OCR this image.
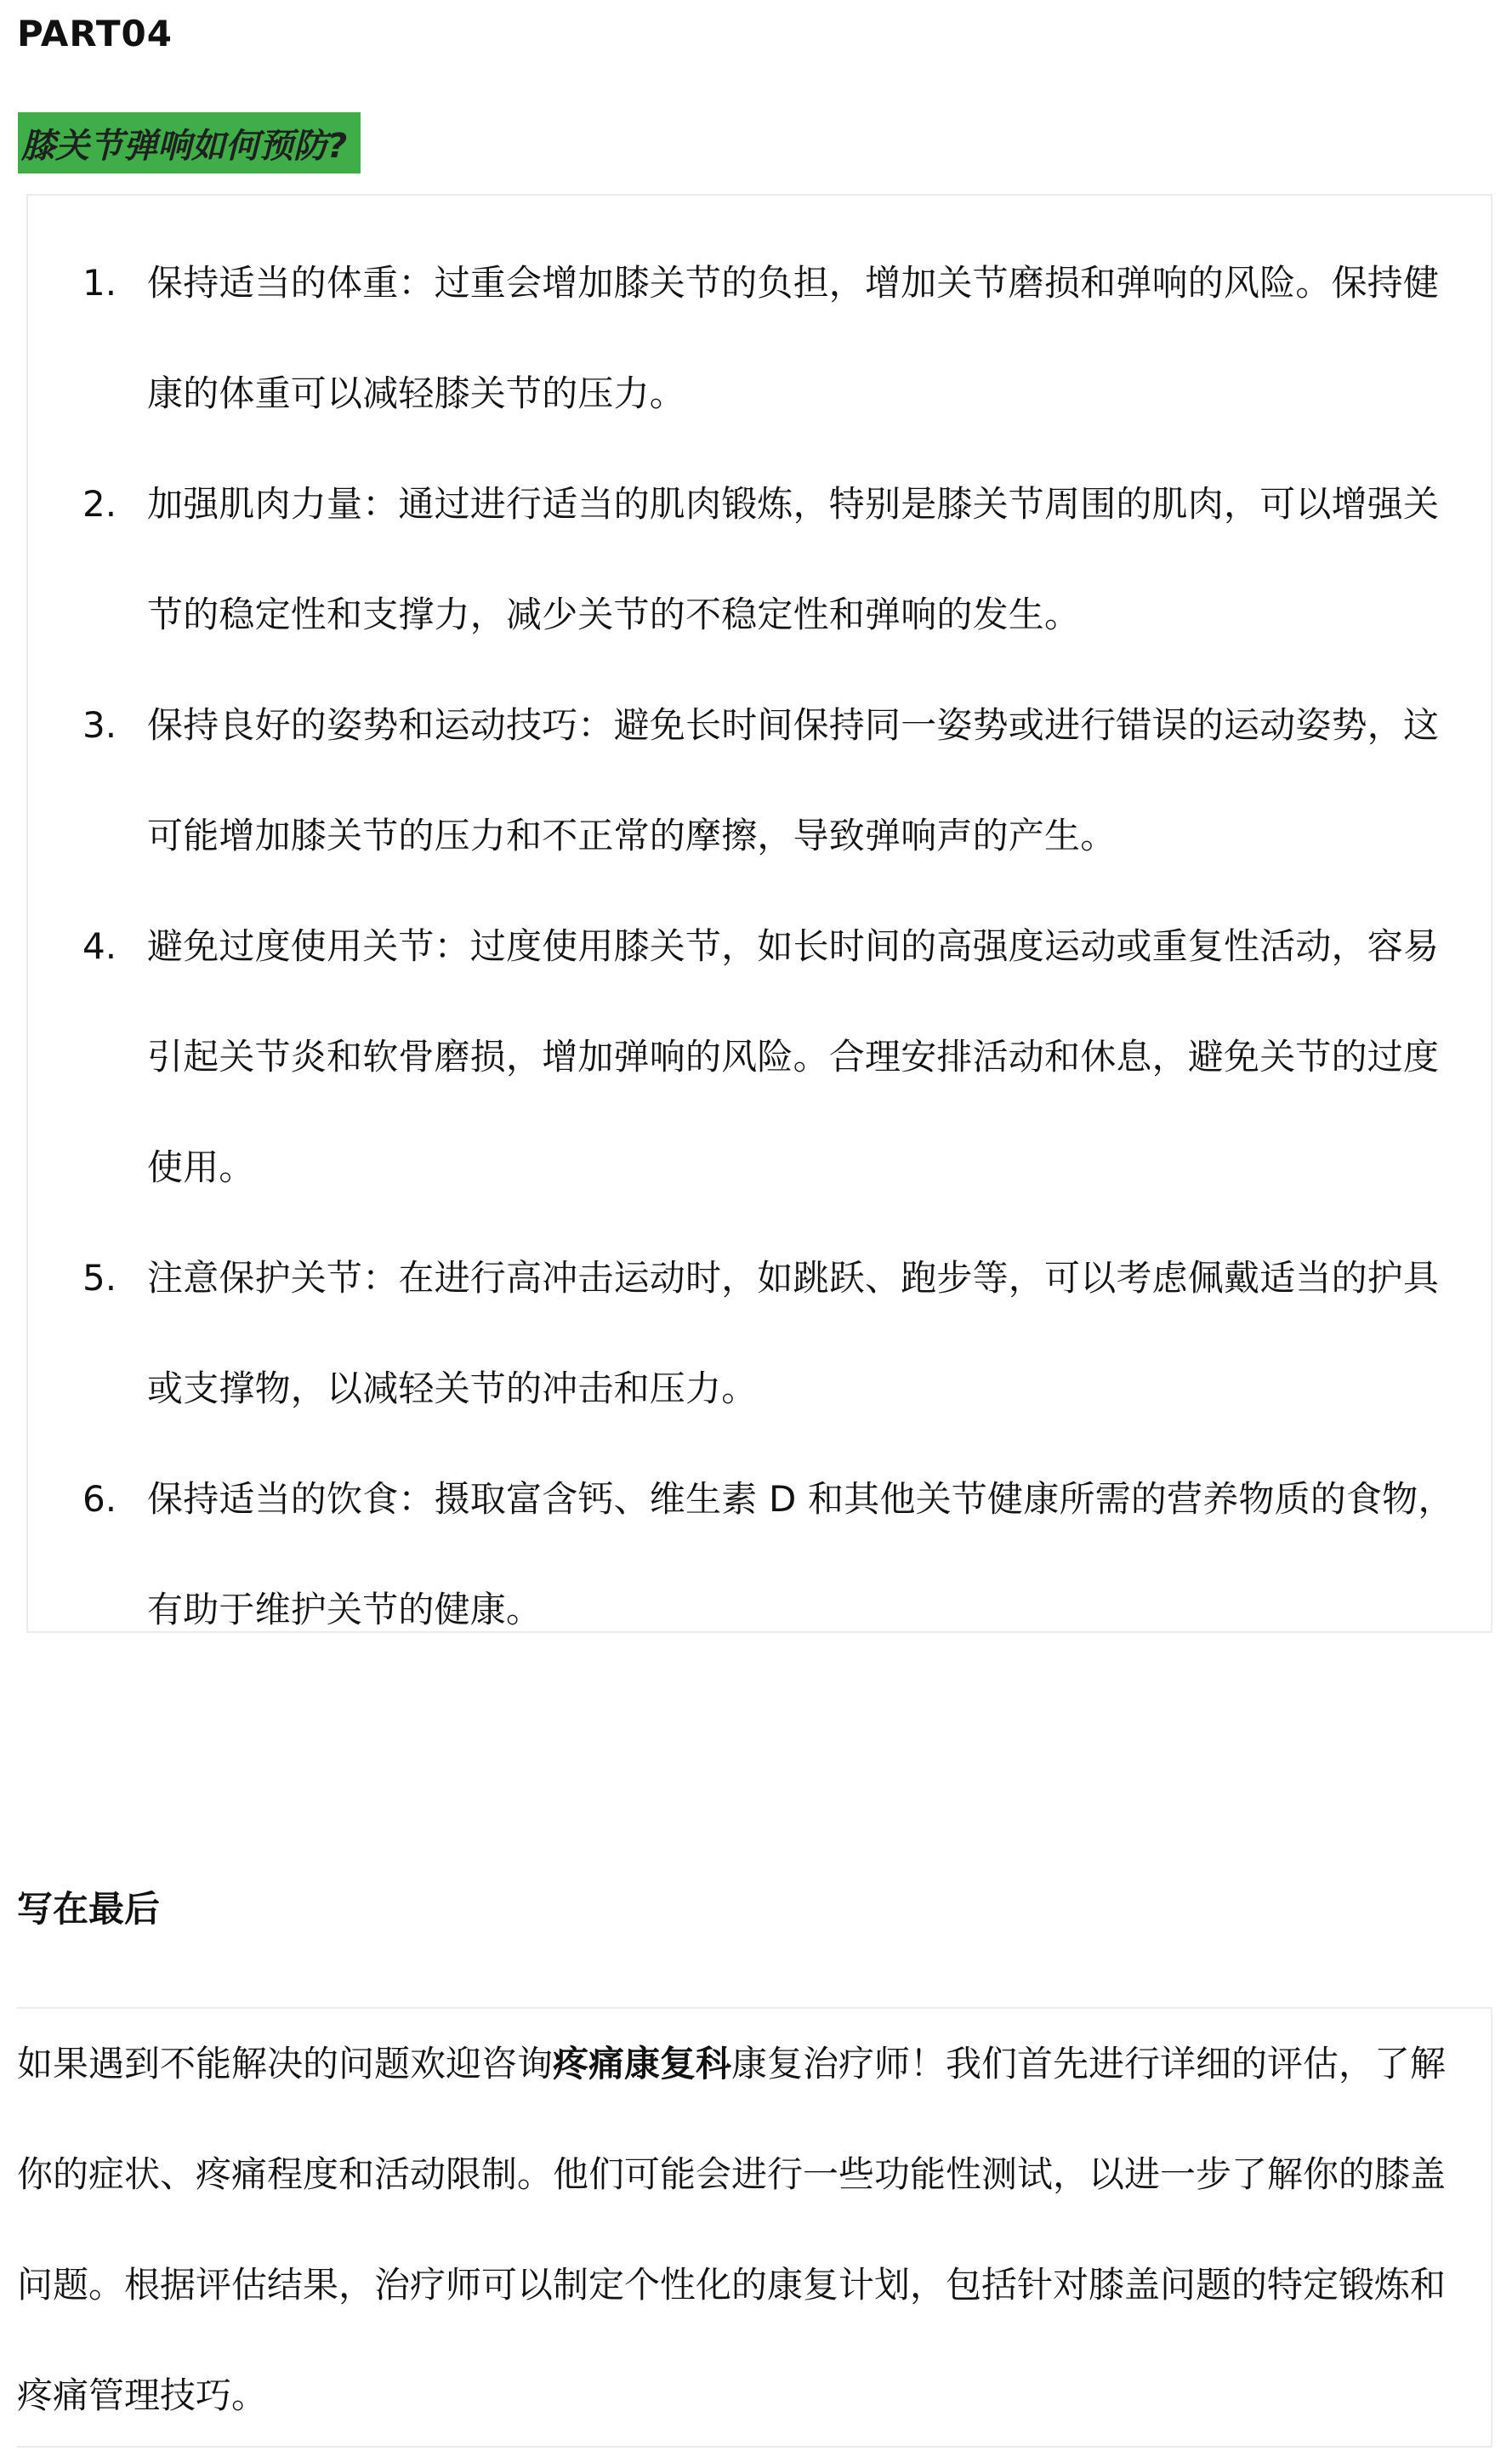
PART04
膝关节弹响如何预防?
1. 保持适当的体重：过重会增加膝关节的负担，增加关节磨损和弹响的风险。保持健
康的体重可以减轻膝关节的压力。
2. 加强肌肉力量：通过进行适当的肌肉锻炼，特别是膝关节周围的肌肉，可以增强关
节的稳定性和支撑力，减少关节的不稳定性和弹响的发生。
3. 保持良好的姿势和运动技巧：避免长时间保持同一姿势或进行错误的运动姿势，这
可能增加膝关节的压力和不正常的摩擦，导致弹响声的产生。
4. 避免过度使用关节：过度使用膝关节，如长时间的高强度运动或重复性活动，容易
引起关节炎和软骨磨损，增加弹响的风险。合理安排活动和休息，避免关节的过度
使用。
5. 注意保护关节：在进行高冲击运动时，如跳跃、跑步等，可以考虑佩戴适当的护具
或支撑物，以减轻关节的冲击和压力。
6. 保持适当的饮食：摄取富含钙、维生素 D 和其他关节健康所需的营养物质的食物，
有助于维护关节的健康。
写在最后
如果遇到不能解决的问题欢迎咨询疼痛康复科康复治疗师！我们首先进行详细的评估，了解
你的症状、疼痛程度和活动限制。他们可能会进行一些功能性测试，以进一步了解你的膝盖
问题。根据评估结果，治疗师可以制定个性化的康复计划，包括针对膝盖问题的特定锻炼和
疼痛管理技巧。
